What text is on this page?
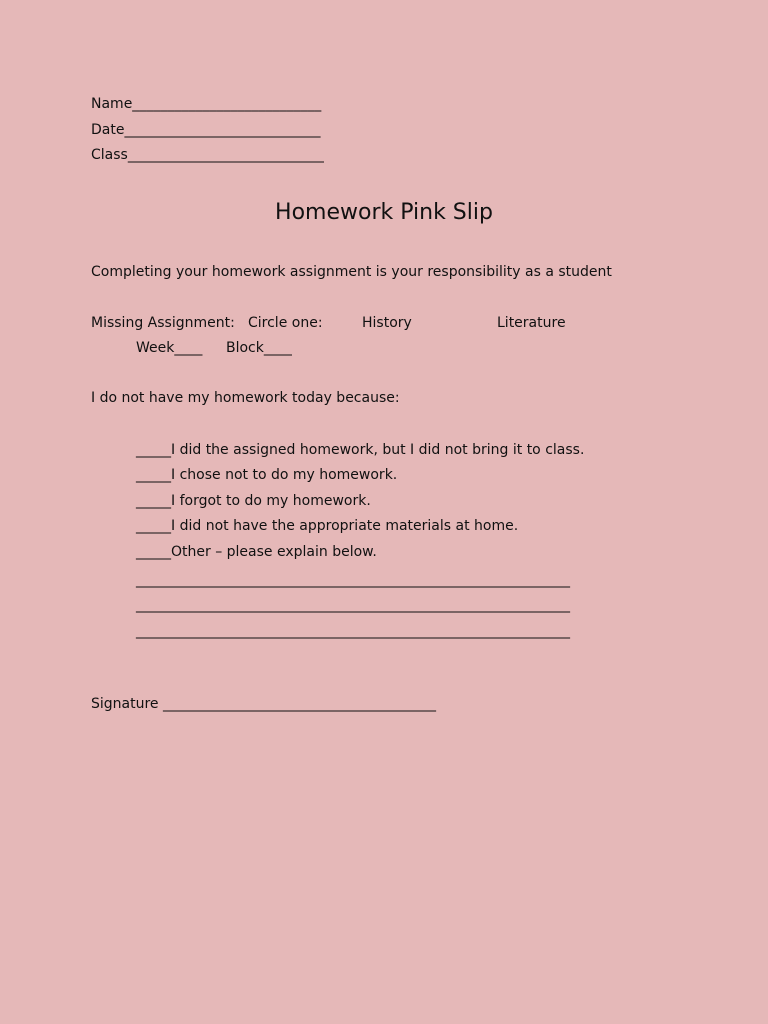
Name___________________________
Date____________________________
Class____________________________
Homework Pink Slip
Completing your homework assignment is your responsibility as a student
Missing Assignment: Circle one:	History	Literature
Week____ Block____
I do not have my homework today because:
_____I did the assigned homework, but I did not bring it to class.
_____I chose not to do my homework.
_____I forgot to do my homework.
_____I did not have the appropriate materials at home.
_____Other – please explain below.
______________________________________________________________
______________________________________________________________
______________________________________________________________
Signature _______________________________________
